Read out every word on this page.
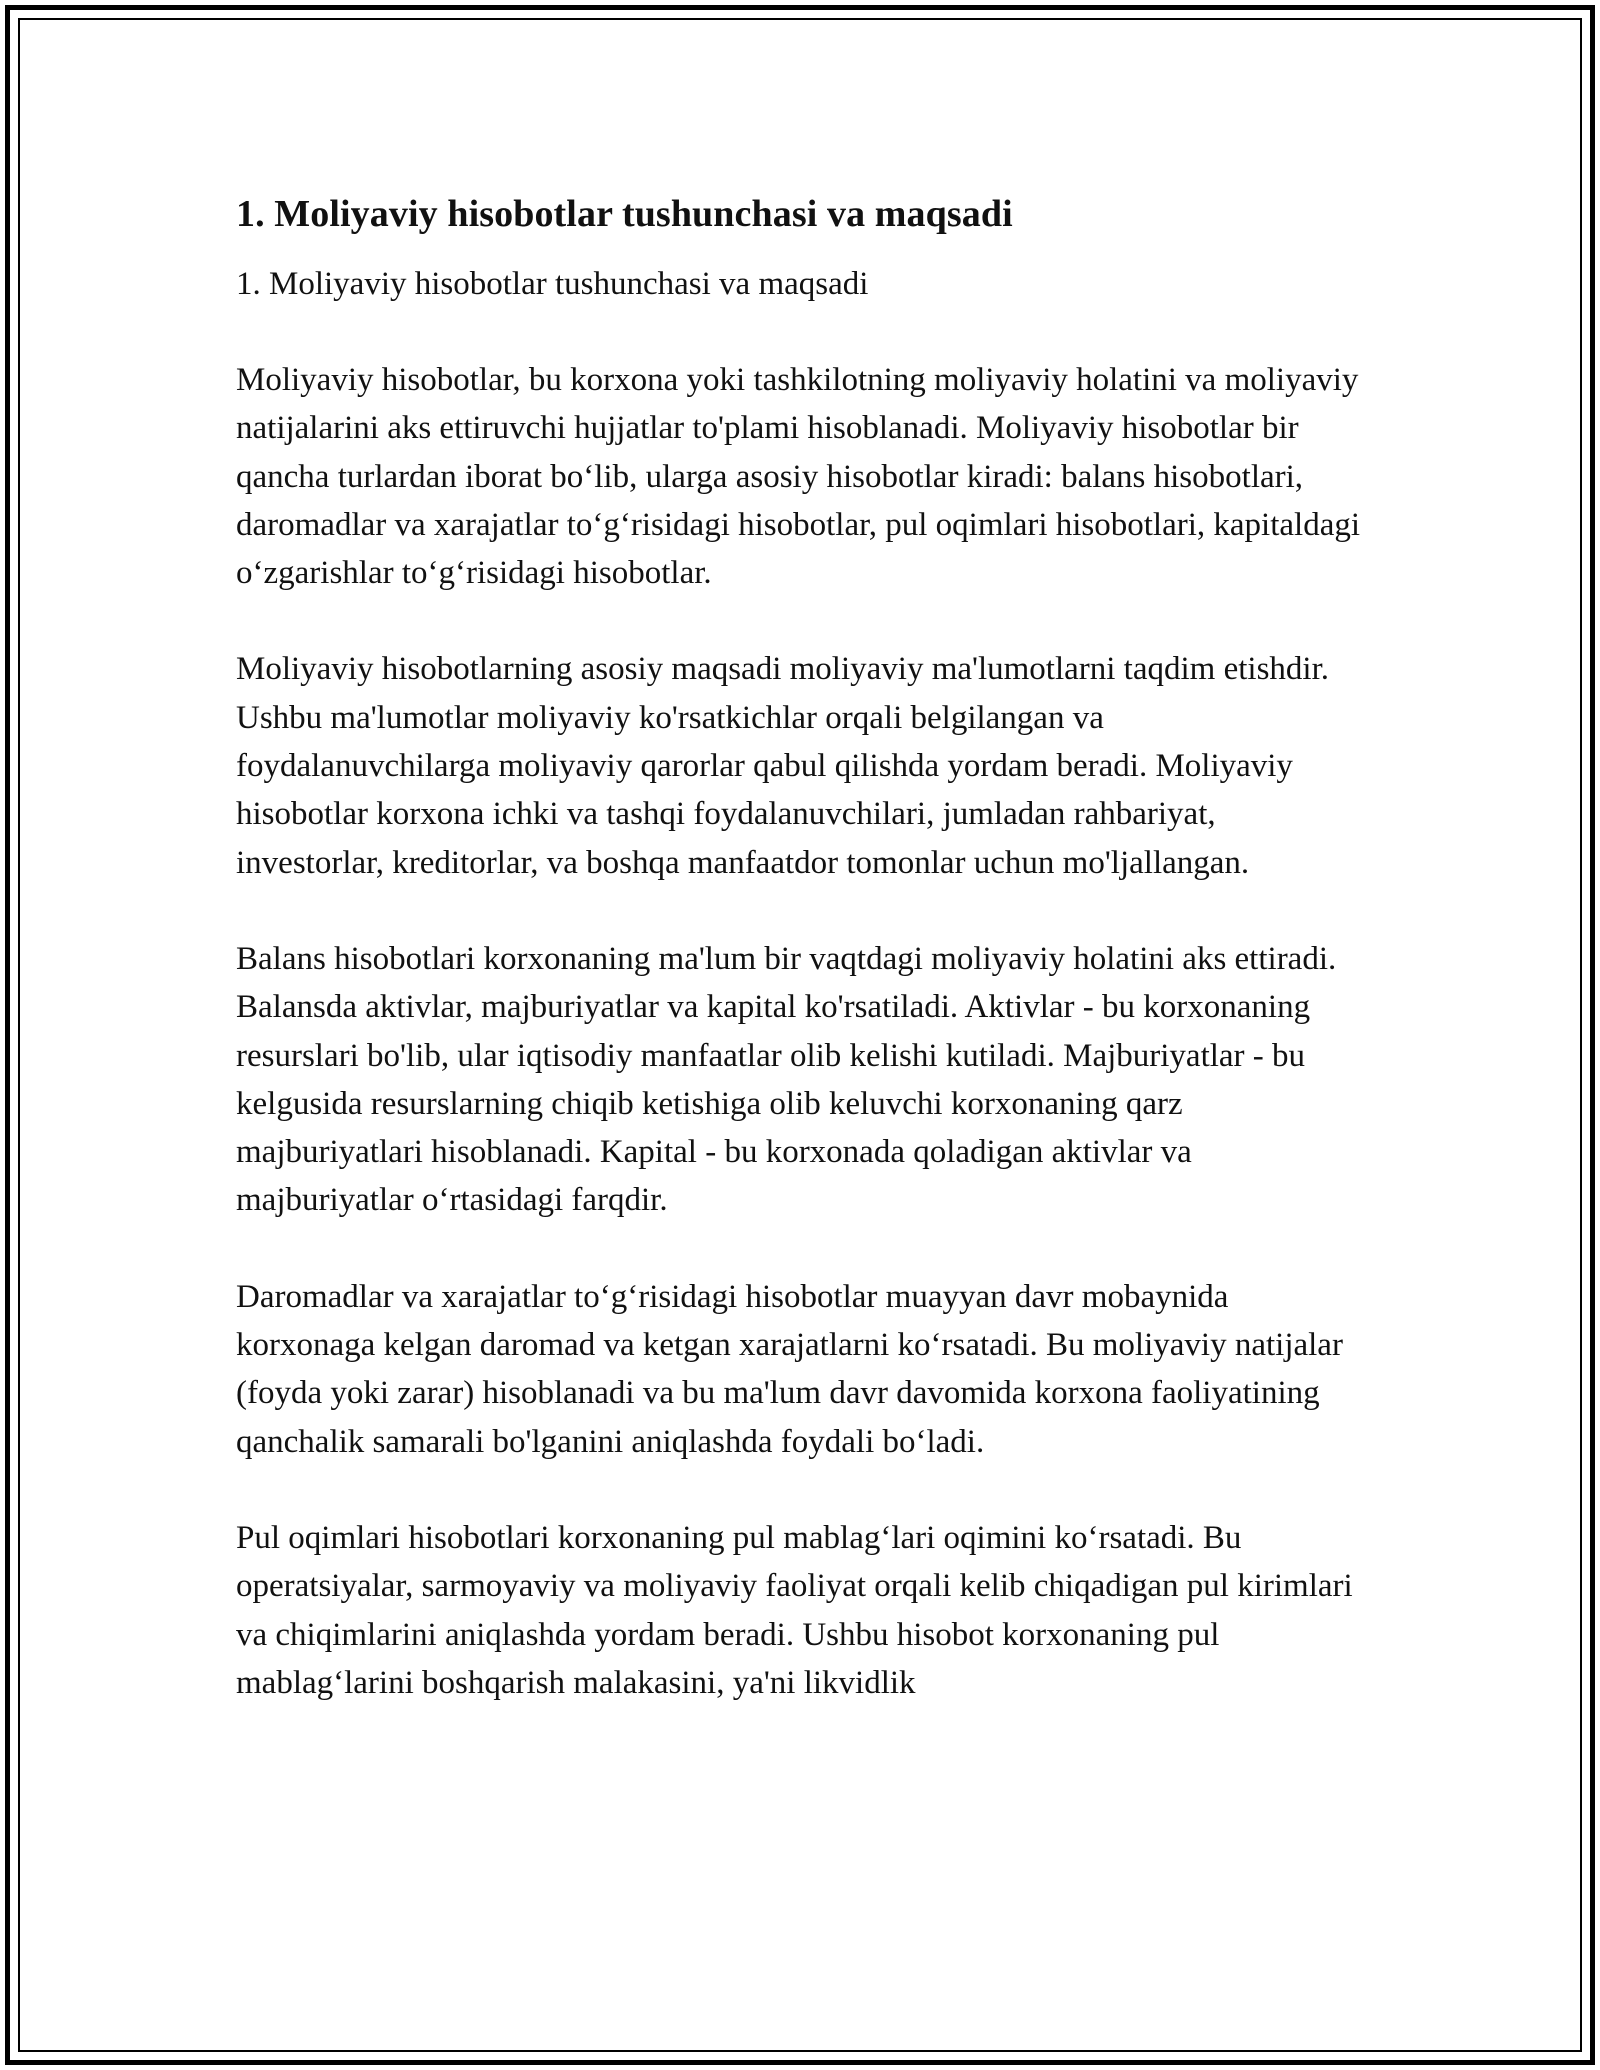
1. Moliyaviy hisobotlar tushunchasi va maqsadi

1. Moliyaviy hisobotlar tushunchasi va maqsadi

Moliyaviy hisobotlar, bu korxona yoki tashkilotning moliyaviy holatini va moliyaviy natijalarini aks ettiruvchi hujjatlar to'plami hisoblanadi. Moliyaviy hisobotlar bir qancha turlardan iborat bo‘lib, ularga asosiy hisobotlar kiradi: balans hisobotlari, daromadlar va xarajatlar to‘g‘risidagi hisobotlar, pul oqimlari hisobotlari, kapitaldagi o‘zgarishlar to‘g‘risidagi hisobotlar.

Moliyaviy hisobotlarning asosiy maqsadi moliyaviy ma'lumotlarni taqdim etishdir. Ushbu ma'lumotlar moliyaviy ko'rsatkichlar orqali belgilangan va foydalanuvchilarga moliyaviy qarorlar qabul qilishda yordam beradi. Moliyaviy hisobotlar korxona ichki va tashqi foydalanuvchilari, jumladan rahbariyat, investorlar, kreditorlar, va boshqa manfaatdor tomonlar uchun mo'ljallangan.

Balans hisobotlari korxonaning ma'lum bir vaqtdagi moliyaviy holatini aks ettiradi. Balansda aktivlar, majburiyatlar va kapital ko'rsatiladi. Aktivlar - bu korxonaning resurslari bo'lib, ular iqtisodiy manfaatlar olib kelishi kutiladi. Majburiyatlar - bu kelgusida resurslarning chiqib ketishiga olib keluvchi korxonaning qarz majburiyatlari hisoblanadi. Kapital - bu korxonada qoladigan aktivlar va majburiyatlar o‘rtasidagi farqdir.

Daromadlar va xarajatlar to‘g‘risidagi hisobotlar muayyan davr mobaynida korxonaga kelgan daromad va ketgan xarajatlarni ko‘rsatadi. Bu moliyaviy natijalar (foyda yoki zarar) hisoblanadi va bu ma'lum davr davomida korxona faoliyatining qanchalik samarali bo'lganini aniqlashda foydali bo‘ladi.

Pul oqimlari hisobotlari korxonaning pul mablag‘lari oqimini ko‘rsatadi. Bu operatsiyalar, sarmoyaviy va moliyaviy faoliyat orqali kelib chiqadigan pul kirimlari va chiqimlarini aniqlashda yordam beradi. Ushbu hisobot korxonaning pul mablag‘larini boshqarish malakasini, ya'ni likvidlik
